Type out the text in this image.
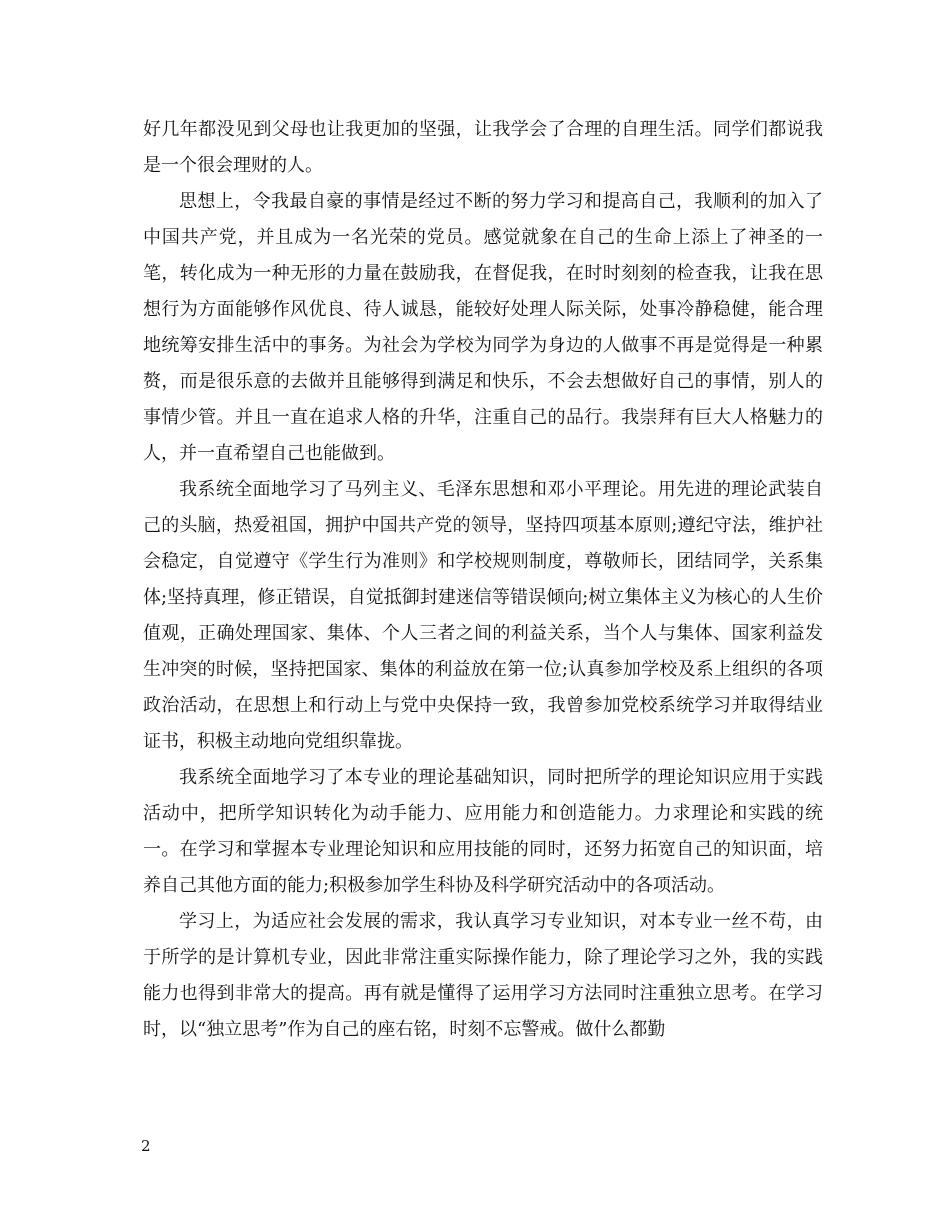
好几年都没见到父母也让我更加的坚强，让我学会了合理的自理生活。同学们都说我是一个很会理财的人。

思想上，令我最自豪的事情是经过不断的努力学习和提高自己，我顺利的加入了中国共产党，并且成为一名光荣的党员。感觉就象在自己的生命上添上了神圣的一笔，转化成为一种无形的力量在鼓励我，在督促我，在时时刻刻的检查我，让我在思想行为方面能够作风优良、待人诚恳，能较好处理人际关际，处事冷静稳健，能合理地统筹安排生活中的事务。为社会为学校为同学为身边的人做事不再是觉得是一种累赘，而是很乐意的去做并且能够得到满足和快乐，不会去想做好自己的事情，别人的事情少管。并且一直在追求人格的升华，注重自己的品行。我崇拜有巨大人格魅力的人，并一直希望自己也能做到。

我系统全面地学习了马列主义、毛泽东思想和邓小平理论。用先进的理论武装自己的头脑，热爱祖国，拥护中国共产党的领导，坚持四项基本原则;遵纪守法，维护社会稳定，自觉遵守《学生行为准则》和学校规则制度，尊敬师长，团结同学，关系集体;坚持真理，修正错误，自觉抵御封建迷信等错误倾向;树立集体主义为核心的人生价值观，正确处理国家、集体、个人三者之间的利益关系，当个人与集体、国家利益发生冲突的时候，坚持把国家、集体的利益放在第一位;认真参加学校及系上组织的各项政治活动，在思想上和行动上与党中央保持一致，我曾参加党校系统学习并取得结业证书，积极主动地向党组织靠拢。

我系统全面地学习了本专业的理论基础知识，同时把所学的理论知识应用于实践活动中，把所学知识转化为动手能力、应用能力和创造能力。力求理论和实践的统一。在学习和掌握本专业理论知识和应用技能的同时，还努力拓宽自己的知识面，培养自己其他方面的能力;积极参加学生科协及科学研究活动中的各项活动。

学习上，为适应社会发展的需求，我认真学习专业知识，对本专业一丝不苟，由于所学的是计算机专业，因此非常注重实际操作能力，除了理论学习之外，我的实践能力也得到非常大的提高。再有就是懂得了运用学习方法同时注重独立思考。在学习时，以“独立思考”作为自己的座右铭，时刻不忘警戒。做什么都勤

2
